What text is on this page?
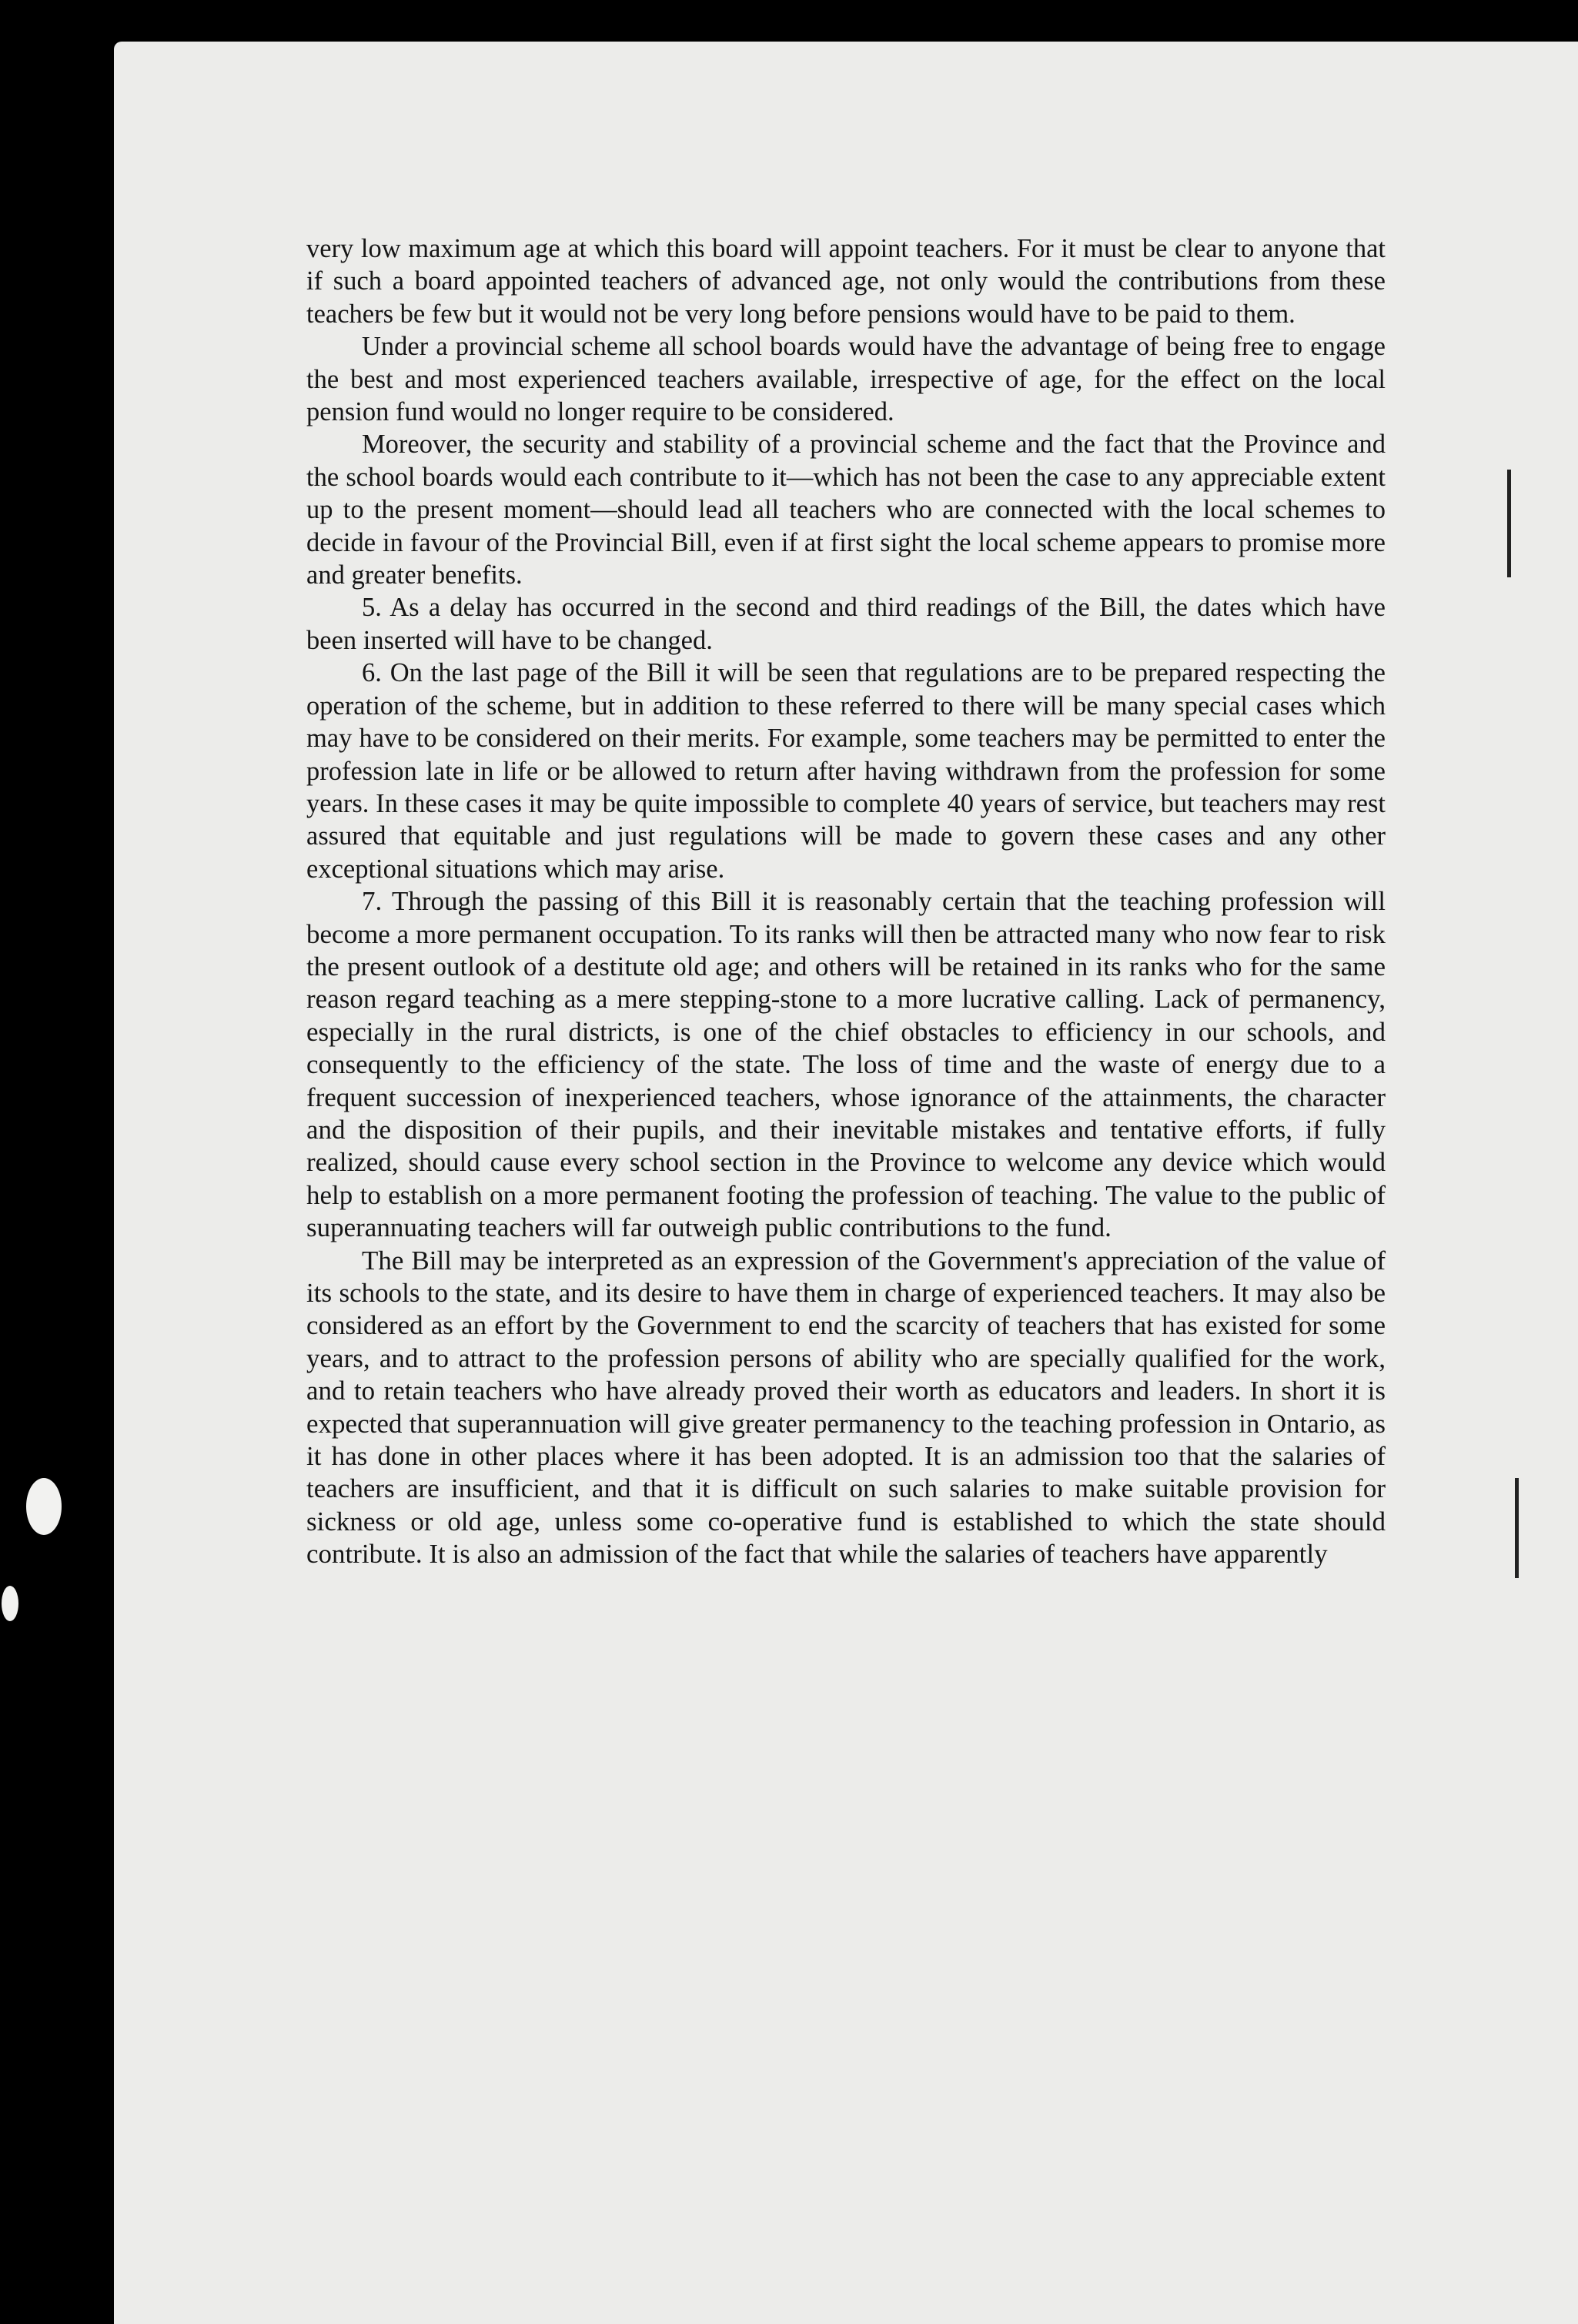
very low maximum age at which this board will appoint teachers. For it must be clear to anyone that if such a board appointed teachers of advanced age, not only would the contributions from these teachers be few but it would not be very long before pensions would have to be paid to them.

Under a provincial scheme all school boards would have the advantage of being free to engage the best and most experienced teachers available, irrespective of age, for the effect on the local pension fund would no longer require to be considered.

Moreover, the security and stability of a provincial scheme and the fact that the Province and the school boards would each contribute to it—which has not been the case to any appreciable extent up to the present moment—should lead all teachers who are connected with the local schemes to decide in favour of the Provincial Bill, even if at first sight the local scheme appears to promise more and greater benefits.

5. As a delay has occurred in the second and third readings of the Bill, the dates which have been inserted will have to be changed.

6. On the last page of the Bill it will be seen that regulations are to be prepared respecting the operation of the scheme, but in addition to these referred to there will be many special cases which may have to be considered on their merits. For example, some teachers may be permitted to enter the profession late in life or be allowed to return after having withdrawn from the profession for some years. In these cases it may be quite impossible to complete 40 years of service, but teachers may rest assured that equitable and just regulations will be made to govern these cases and any other exceptional situations which may arise.

7. Through the passing of this Bill it is reasonably certain that the teaching profession will become a more permanent occupation. To its ranks will then be attracted many who now fear to risk the present outlook of a destitute old age; and others will be retained in its ranks who for the same reason regard teaching as a mere stepping-stone to a more lucrative calling. Lack of permanency, especially in the rural districts, is one of the chief obstacles to efficiency in our schools, and consequently to the efficiency of the state. The loss of time and the waste of energy due to a frequent succession of inexperienced teachers, whose ignorance of the attainments, the character and the disposition of their pupils, and their inevitable mistakes and tentative efforts, if fully realized, should cause every school section in the Province to welcome any device which would help to establish on a more permanent footing the profession of teaching. The value to the public of superannuating teachers will far outweigh public contributions to the fund.

The Bill may be interpreted as an expression of the Government's appreciation of the value of its schools to the state, and its desire to have them in charge of experienced teachers. It may also be considered as an effort by the Government to end the scarcity of teachers that has existed for some years, and to attract to the profession persons of ability who are specially qualified for the work, and to retain teachers who have already proved their worth as educators and leaders. In short it is expected that superannuation will give greater permanency to the teaching profession in Ontario, as it has done in other places where it has been adopted. It is an admission too that the salaries of teachers are insufficient, and that it is difficult on such salaries to make suitable provision for sickness or old age, unless some co-operative fund is established to which the state should contribute. It is also an admission of the fact that while the salaries of teachers have apparently
